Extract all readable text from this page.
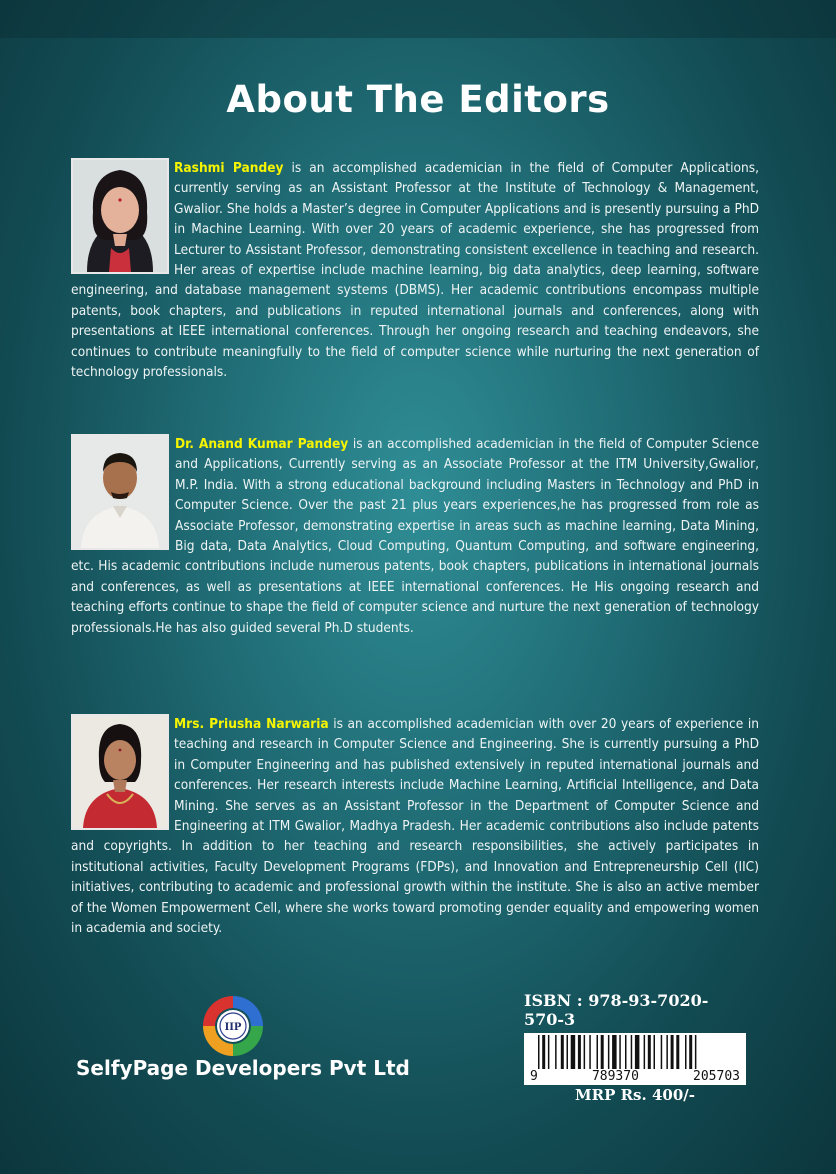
About The Editors
Rashmi Pandey is an accomplished academician in the field of Computer Applications, currently serving as an Assistant Professor at the Institute of Technology & Management, Gwalior. She holds a Master’s degree in Computer Applications and is presently pursuing a PhD in Machine Learning. With over 20 years of academic experience, she has progressed from Lecturer to Assistant Professor, demonstrating consistent excellence in teaching and research. Her areas of expertise include machine learning, big data analytics, deep learning, software engineering, and database management systems (DBMS). Her academic contributions encompass multiple patents, book chapters, and publications in reputed international journals and conferences, along with presentations at IEEE international conferences. Through her ongoing research and teaching endeavors, she continues to contribute meaningfully to the field of computer science while nurturing the next generation of technology professionals.
Dr. Anand Kumar Pandey is an accomplished academician in the field of Computer Science and Applications, Currently serving as an Associate Professor at the ITM University,Gwalior, M.P. India. With a strong educational background including Masters in Technology and PhD in Computer Science. Over the past 21 plus years experiences,he has progressed from role as Associate Professor, demonstrating expertise in areas such as machine learning, Data Mining, Big data, Data Analytics, Cloud Computing, Quantum Computing, and software engineering, etc. His academic contributions include numerous patents, book chapters, publications in international journals and conferences, as well as presentations at IEEE international conferences. He His ongoing research and teaching efforts continue to shape the field of computer science and nurture the next generation of technology professionals.He has also guided several Ph.D students.
Mrs. Priusha Narwaria is an accomplished academician with over 20 years of experience in teaching and research in Computer Science and Engineering. She is currently pursuing a PhD in Computer Engineering and has published extensively in reputed international journals and conferences. Her research interests include Machine Learning, Artificial Intelligence, and Data Mining. She serves as an Assistant Professor in the Department of Computer Science and Engineering at ITM Gwalior, Madhya Pradesh. Her academic contributions also include patents and copyrights. In addition to her teaching and research responsibilities, she actively participates in institutional activities, Faculty Development Programs (FDPs), and Innovation and Entrepreneurship Cell (IIC) initiatives, contributing to academic and professional growth within the institute. She is also an active member of the Women Empowerment Cell, where she works toward promoting gender equality and empowering women in academia and society.
IIP
SelfyPage Developers Pvt Ltd
ISBN : 978-93-7020-570-3
9	789370	205703
MRP Rs. 400/-
